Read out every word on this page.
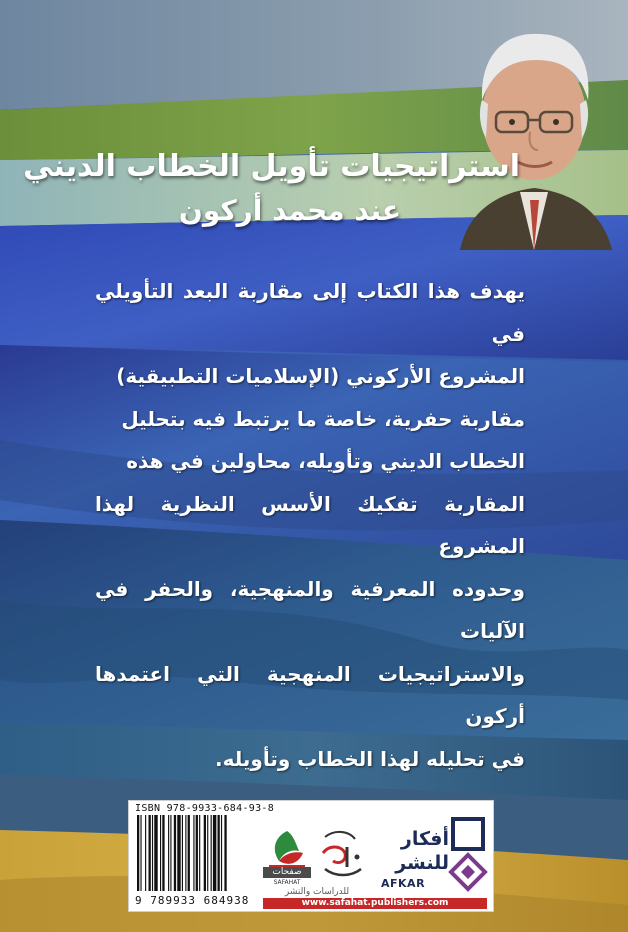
استراتيجيات تأويل الخطاب الديني
عند محمد أركون
يهدف هذا الكتاب إلى مقاربة البعد التأويلي في
المشروع الأركوني (الإسلاميات التطبيقية)
مقاربة حفرية، خاصة ما يرتبط فيه بتحليل
الخطاب الديني وتأويله، محاولين في هذه
المقاربة تفكيك الأسس النظرية لهذا المشروع
وحدوده المعرفية والمنهجية، والحفر في الآليات
والاستراتيجيات المنهجية التي اعتمدها أركون
في تحليله لهذا الخطاب وتأويله.
ISBN 978-9933-684-93-8
9 789933 684938
صفحات
SAFAHAT
للدراسات والنشر
www.safahat.publishers.com
أفكار
للنشر
AFKAR
